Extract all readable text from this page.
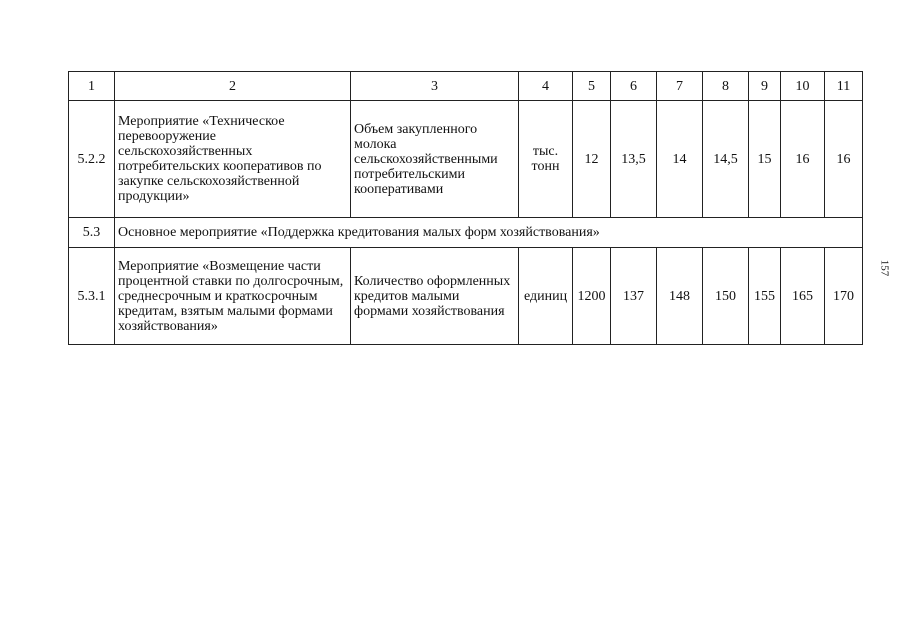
1	2	3	4	5	6	7	8	9	10	11
5.2.2	Мероприятие «Техническое перевооружение сельскохозяйственных потребительских кооперативов по закупке сельскохозяйственной продукции»	Объем закупленного молока сельскохозяйственными потребительскими кооперативами	тыс. тонн	12	13,5	14	14,5	15	16	16
5.3	Основное мероприятие «Поддержка кредитования малых форм хозяйствования»									
5.3.1	Мероприятие «Возмещение части процентной ставки по долгосрочным, среднесрочным и краткосрочным кредитам, взятым малыми формами хозяйствования»	Количество оформленных кредитов малыми формами хозяйствования	единиц	1200	137	148	150	155	165	170
157
